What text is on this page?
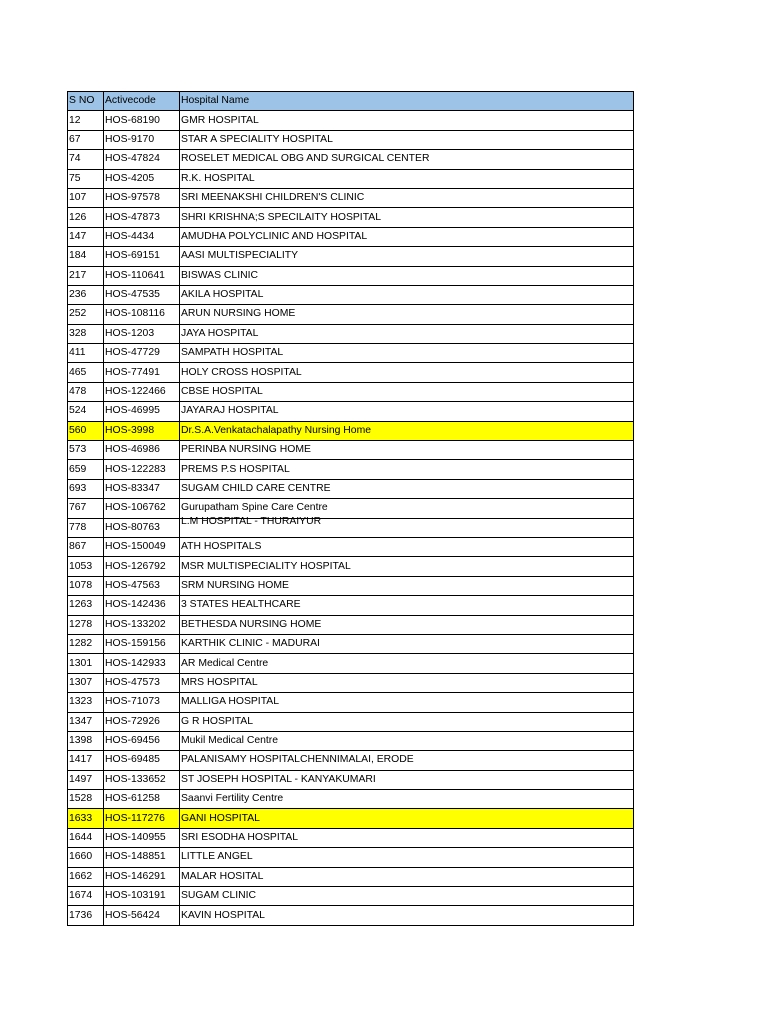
S NO	Activecode	Hospital Name
12	HOS-68190	GMR HOSPITAL
67	HOS-9170	STAR A SPECIALITY HOSPITAL
74	HOS-47824	ROSELET MEDICAL OBG AND SURGICAL CENTER
75	HOS-4205	R.K. HOSPITAL
107	HOS-97578	SRI MEENAKSHI CHILDREN'S CLINIC
126	HOS-47873	SHRI KRISHNA;S SPECILAITY HOSPITAL
147	HOS-4434	AMUDHA POLYCLINIC AND HOSPITAL
184	HOS-69151	AASI MULTISPECIALITY
217	HOS-110641	BISWAS CLINIC
236	HOS-47535	AKILA HOSPITAL
252	HOS-108116	ARUN NURSING HOME
328	HOS-1203	JAYA HOSPITAL
411	HOS-47729	SAMPATH HOSPITAL
465	HOS-77491	HOLY CROSS HOSPITAL
478	HOS-122466	CBSE HOSPITAL
524	HOS-46995	JAYARAJ HOSPITAL
560	HOS-3998	Dr.S.A.Venkatachalapathy Nursing Home
573	HOS-46986	PERINBA NURSING HOME
659	HOS-122283	PREMS P.S HOSPITAL
693	HOS-83347	SUGAM CHILD CARE CENTRE
767	HOS-106762	Gurupatham Spine Care Centre
778	HOS-80763	L.M HOSPITAL - THURAIYUR
867	HOS-150049	ATH HOSPITALS
1053	HOS-126792	MSR MULTISPECIALITY HOSPITAL
1078	HOS-47563	SRM NURSING HOME
1263	HOS-142436	3 STATES HEALTHCARE
1278	HOS-133202	BETHESDA NURSING HOME
1282	HOS-159156	KARTHIK CLINIC - MADURAI
1301	HOS-142933	AR Medical Centre
1307	HOS-47573	MRS HOSPITAL
1323	HOS-71073	MALLIGA HOSPITAL
1347	HOS-72926	G R HOSPITAL
1398	HOS-69456	Mukil Medical Centre
1417	HOS-69485	PALANISAMY HOSPITALCHENNIMALAI, ERODE
1497	HOS-133652	ST JOSEPH HOSPITAL - KANYAKUMARI
1528	HOS-61258	Saanvi Fertility Centre
1633	HOS-117276	GANI HOSPITAL
1644	HOS-140955	SRI ESODHA HOSPITAL
1660	HOS-148851	LITTLE ANGEL
1662	HOS-146291	MALAR HOSITAL
1674	HOS-103191	SUGAM CLINIC
1736	HOS-56424	KAVIN HOSPITAL
